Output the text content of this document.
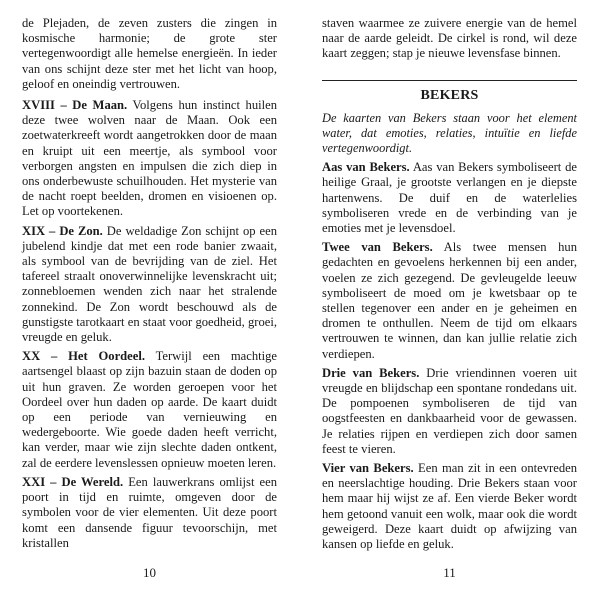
de Plejaden, de zeven zusters die zingen in kosmische harmonie; de grote ster vertegenwoordigt alle hemelse energieën. In ieder van ons schijnt deze ster met het licht van hoop, geloof en oneindig vertrouwen.

XVIII – De Maan. Volgens hun instinct huilen deze twee wolven naar de Maan. Ook een zoetwaterkreeft wordt aangetrokken door de maan en kruipt uit een meertje, als symbool voor verborgen angsten en impulsen die zich diep in ons onderbewuste schuilhouden. Het mysterie van de nacht roept beelden, dromen en visioenen op. Let op voortekenen.

XIX – De Zon. De weldadige Zon schijnt op een jubelend kindje dat met een rode banier zwaait, als symbool van de bevrijding van de ziel. Het tafereel straalt onoverwinnelijke levenskracht uit; zonnebloemen wenden zich naar het stralende zonnekind. De Zon wordt beschouwd als de gunstigste tarotkaart en staat voor goedheid, groei, vreugde en geluk.

XX – Het Oordeel. Terwijl een machtige aartsengel blaast op zijn bazuin staan de doden op uit hun graven. Ze worden geroepen voor het Oordeel over hun daden op aarde. De kaart duidt op een periode van vernieuwing en wedergeboorte. Wie goede daden heeft verricht, kan verder, maar wie zijn slechte daden ontkent, zal de eerdere levenslessen opnieuw moeten leren.

XXI – De Wereld. Een lauwerkrans omlijst een poort in tijd en ruimte, omgeven door de symbolen voor de vier elementen. Uit deze poort komt een dansende figuur tevoorschijn, met kristallen

staven waarmee ze zuivere energie van de hemel naar de aarde geleidt. De cirkel is rond, wil deze kaart zeggen; stap je nieuwe levensfase binnen.

BEKERS

De kaarten van Bekers staan voor het element water, dat emoties, relaties, intuïtie en liefde vertegenwoordigt.

Aas van Bekers. Aas van Bekers symboliseert de heilige Graal, je grootste verlangen en je diepste hartenwens. De duif en de waterlelies symboliseren vrede en de verbinding van je emoties met je levensdoel.

Twee van Bekers. Als twee mensen hun gedachten en gevoelens herkennen bij een ander, voelen ze zich gezegend. De gevleugelde leeuw symboliseert de moed om je kwetsbaar op te stellen tegenover een ander en je geheimen en dromen te onthullen. Neem de tijd om elkaars vertrouwen te winnen, dan kan jullie relatie zich verdiepen.

Drie van Bekers. Drie vriendinnen voeren uit vreugde en blijdschap een spontane rondedans uit. De pompoenen symboliseren de tijd van oogstfeesten en dankbaarheid voor de gewassen. Je relaties rijpen en verdiepen zich door samen feest te vieren.

Vier van Bekers. Een man zit in een ontevreden en neerslachtige houding. Drie Bekers staan voor hem maar hij wijst ze af. Een vierde Beker wordt hem getoond vanuit een wolk, maar ook die wordt geweigerd. Deze kaart duidt op afwijzing van kansen op liefde en geluk.

10	11
